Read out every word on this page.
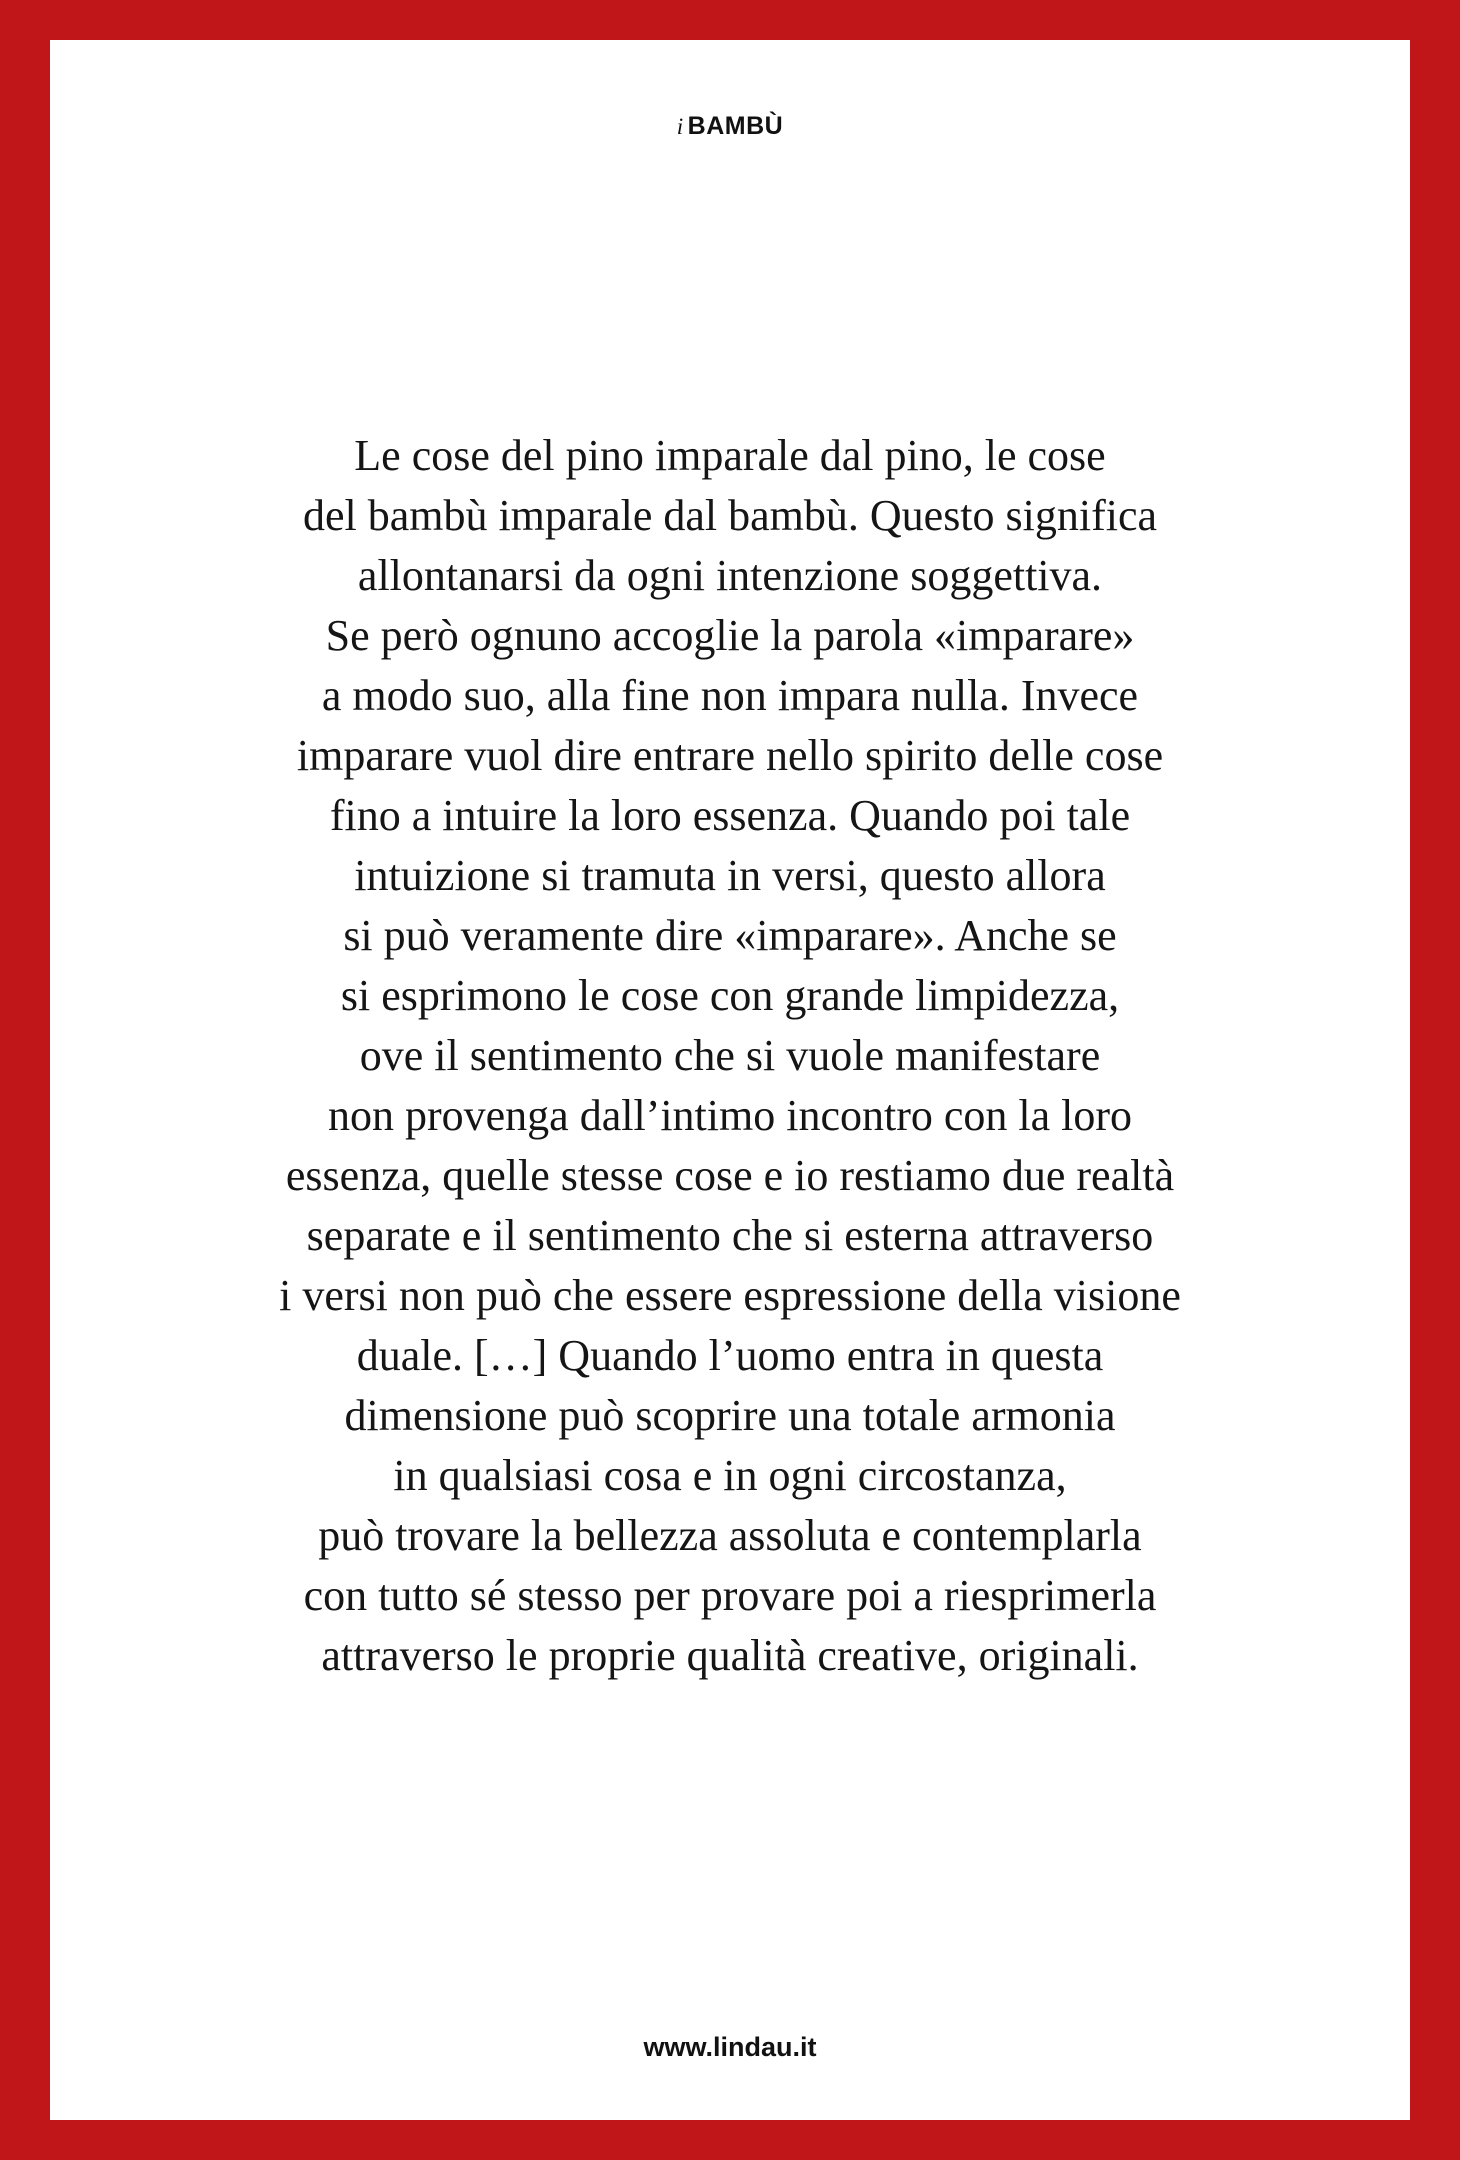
i BAMBÙ
Le cose del pino imparale dal pino, le cose
del bambù imparale dal bambù. Questo significa
allontanarsi da ogni intenzione soggettiva.
Se però ognuno accoglie la parola «imparare»
a modo suo, alla fine non impara nulla. Invece
imparare vuol dire entrare nello spirito delle cose
fino a intuire la loro essenza. Quando poi tale
intuizione si tramuta in versi, questo allora
si può veramente dire «imparare». Anche se
si esprimono le cose con grande limpidezza,
ove il sentimento che si vuole manifestare
non provenga dall’intimo incontro con la loro
essenza, quelle stesse cose e io restiamo due realtà
separate e il sentimento che si esterna attraverso
i versi non può che essere espressione della visione
duale. […] Quando l’uomo entra in questa
dimensione può scoprire una totale armonia
in qualsiasi cosa e in ogni circostanza,
può trovare la bellezza assoluta e contemplarla
con tutto sé stesso per provare poi a riesprimerla
attraverso le proprie qualità creative, originali.
www.lindau.it
